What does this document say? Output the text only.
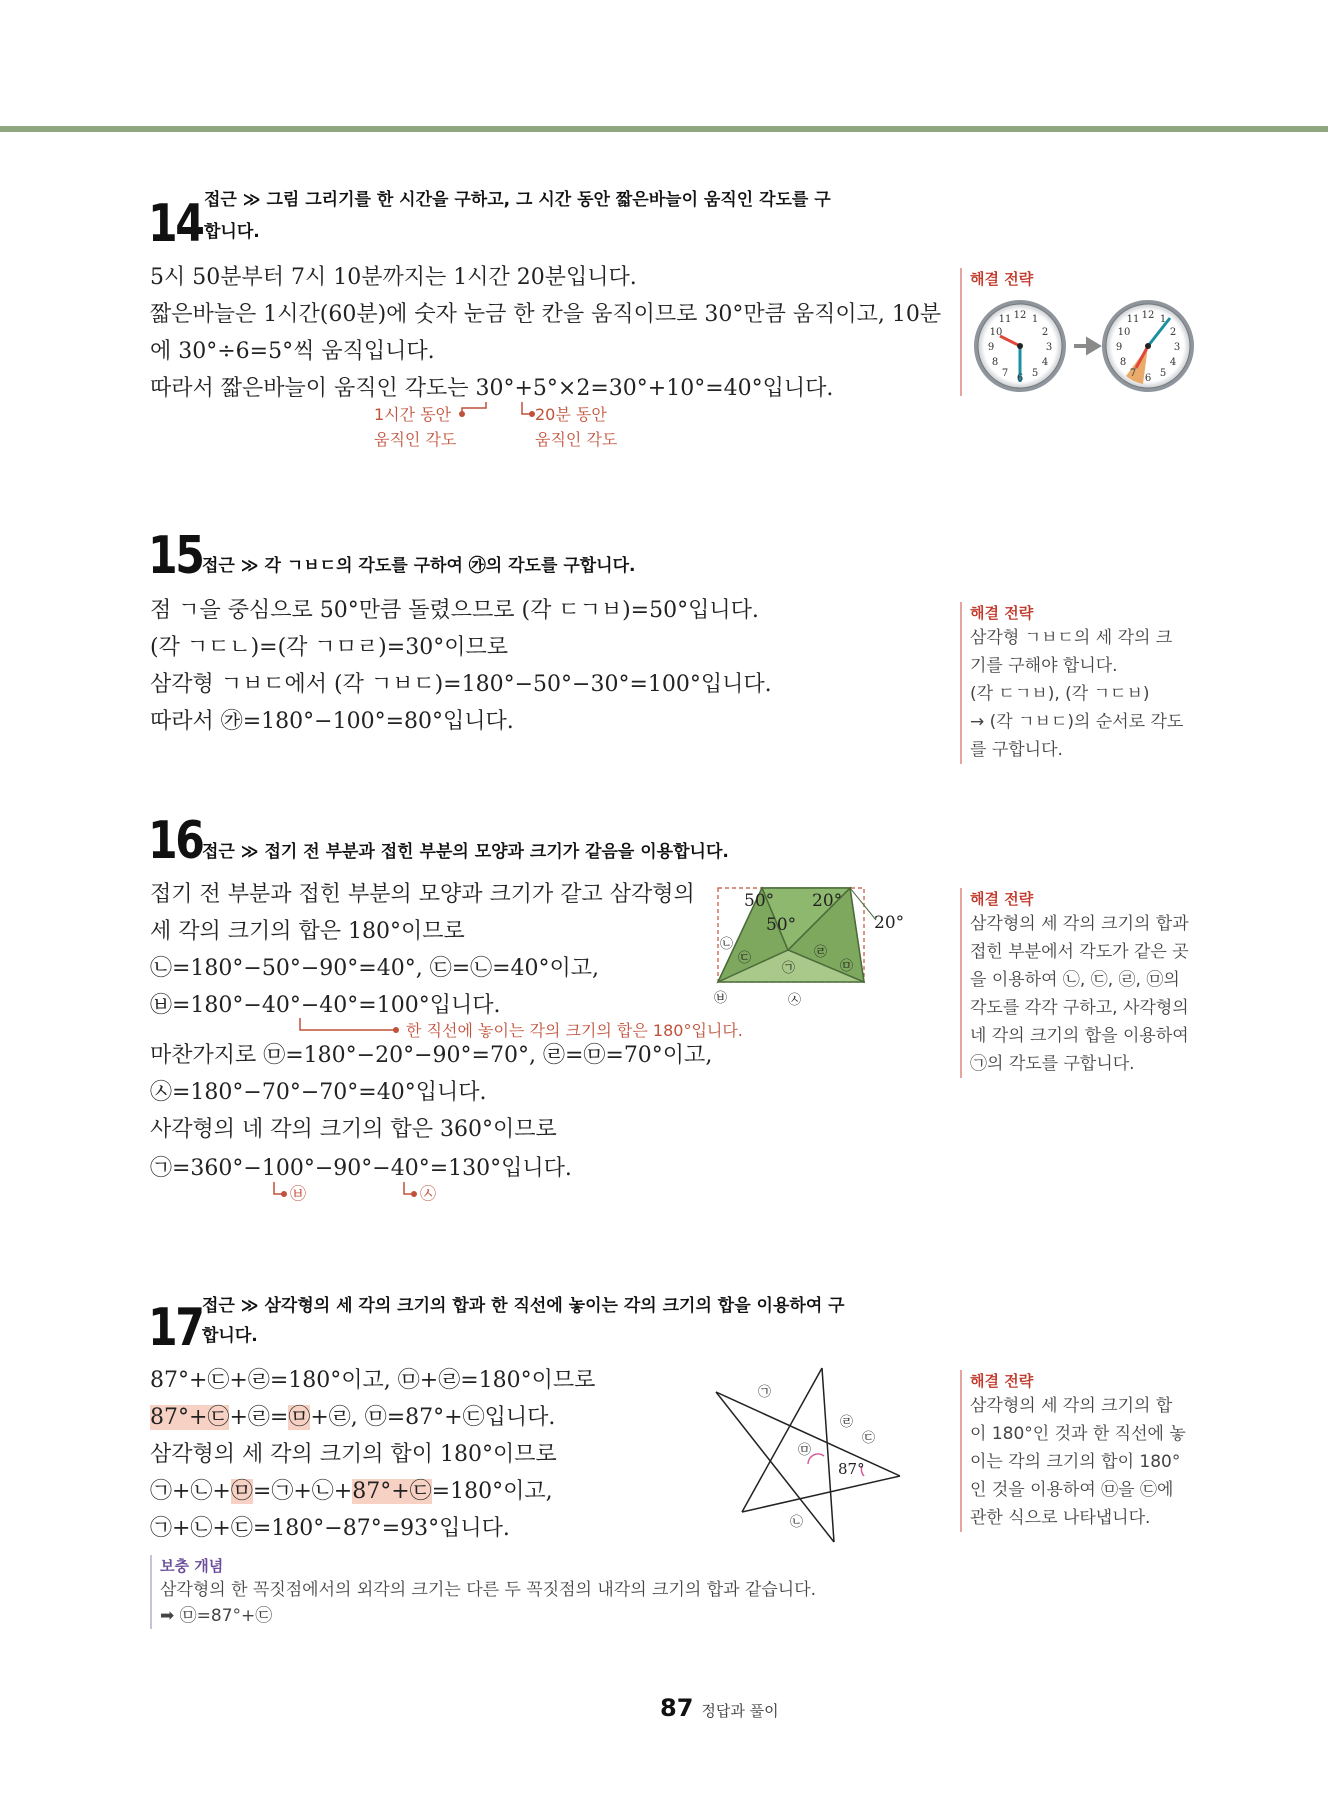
14 접근 ≫ 그림 그리기를 한 시간을 구하고, 그 시간 동안 짧은바늘이 움직인 각도를 구
합니다.
5시 50분부터 7시 10분까지는 1시간 20분입니다.
짧은바늘은 1시간(60분)에 숫자 눈금 한 칸을 움직이므로 30°만큼 움직이고, 10분
에 30°÷6=5°씩 움직입니다.
따라서 짧은바늘이 움직인 각도는 30°+5°×2=30°+10°=40°입니다.
1시간 동안
움직인 각도
20분 동안
움직인 각도
해결 전략
12 1
2
3
4
5
6
7
8
9
10
11	12 1
2
3
4
5
6
7
8
9
10
11
15 접근 ≫ 각 ㄱㅂㄷ의 각도를 구하여 ㉮의 각도를 구합니다.
점 ㄱ을 중심으로 50°만큼 돌렸으므로 (각 ㄷㄱㅂ)=50°입니다.
(각 ㄱㄷㄴ)=(각 ㄱㅁㄹ)=30°이므로
삼각형 ㄱㅂㄷ에서 (각 ㄱㅂㄷ)=180°−50°−30°=100°입니다.
따라서 ㉮=180°−100°=80°입니다.
해결 전략
삼각형 ㄱㅂㄷ의 세 각의 크
기를 구해야 합니다.
(각 ㄷㄱㅂ), (각 ㄱㄷㅂ)
→ (각 ㄱㅂㄷ)의 순서로 각도
를 구합니다.
16 접근 ≫ 접기 전 부분과 접힌 부분의 모양과 크기가 같음을 이용합니다.
접기 전 부분과 접힌 부분의 모양과 크기가 같고 삼각형의
세 각의 크기의 합은 180°이므로
㉡=180°−50°−90°=40°, ㉢=㉡=40°이고,
㉥=180°−40°−40°=100°입니다.
한 직선에 놓이는 각의 크기의 합은 180°입니다.
마찬가지로 ㉤=180°−20°−90°=70°, ㉣=㉤=70°이고,
㉦=180°−70°−70°=40°입니다.
사각형의 네 각의 크기의 합은 360°이므로
㉠=360°−100°−90°−40°=130°입니다.
㉥	㉦
50°
50°
20°
20°
㉡
㉢	㉣
㉤
㉠
㉥	㉦
해결 전략
삼각형의 세 각의 크기의 합과
접힌 부분에서 각도가 같은 곳
을 이용하여 ㉡, ㉢, ㉣, ㉤의
각도를 각각 구하고, 사각형의
네 각의 크기의 합을 이용하여
㉠의 각도를 구합니다.
17 접근 ≫ 삼각형의 세 각의 크기의 합과 한 직선에 놓이는 각의 크기의 합을 이용하여 구
합니다.
87°+㉢+㉣=180°이고, ㉤+㉣=180°이므로
87°+㉢+㉣=㉤+㉣, ㉤=87°+㉢입니다.
삼각형의 세 각의 크기의 합이 180°이므로
㉠+㉡+㉤=㉠+㉡+87°+㉢=180°이고,
㉠+㉡+㉢=180°−87°=93°입니다.
87°
㉠
㉣
㉢
㉤
㉡
해결 전략
삼각형의 세 각의 크기의 합
이 180°인 것과 한 직선에 놓
이는 각의 크기의 합이 180°
인 것을 이용하여 ㉤을 ㉢에
관한 식으로 나타냅니다.
보충 개념
삼각형의 한 꼭짓점에서의 외각의 크기는 다른 두 꼭짓점의 내각의 크기의 합과 같습니다.
➡ ㉤=87°+㉢
87 정답과 풀이
